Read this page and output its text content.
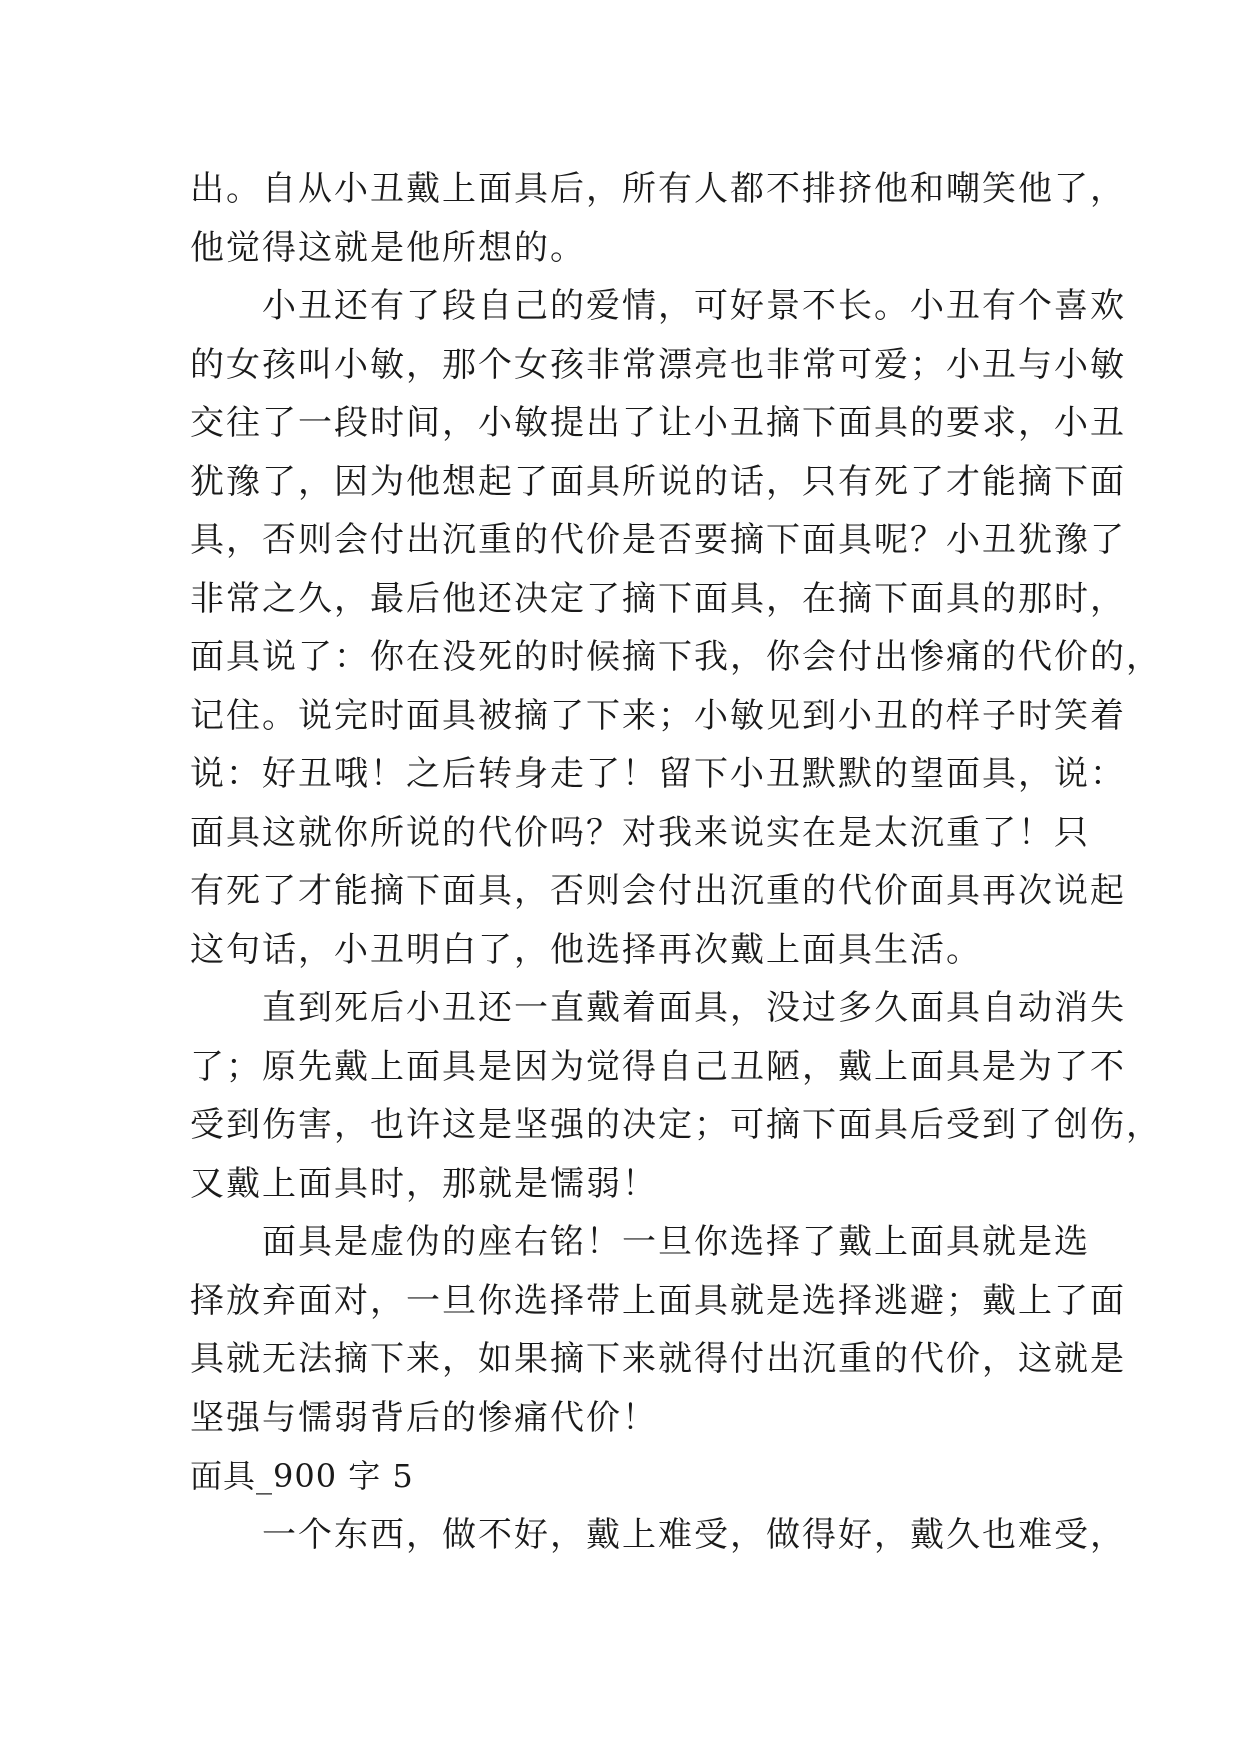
出。自从小丑戴上面具后，所有人都不排挤他和嘲笑他了，
他觉得这就是他所想的。
小丑还有了段自己的爱情，可好景不长。小丑有个喜欢
的女孩叫小敏，那个女孩非常漂亮也非常可爱；小丑与小敏
交往了一段时间，小敏提出了让小丑摘下面具的要求，小丑
犹豫了，因为他想起了面具所说的话，只有死了才能摘下面
具，否则会付出沉重的代价是否要摘下面具呢？小丑犹豫了
非常之久，最后他还决定了摘下面具，在摘下面具的那时，
面具说了：你在没死的时候摘下我，你会付出惨痛的代价的，
记住。说完时面具被摘了下来；小敏见到小丑的样子时笑着
说：好丑哦！之后转身走了！留下小丑默默的望面具，说：
面具这就你所说的代价吗？对我来说实在是太沉重了！只
有死了才能摘下面具，否则会付出沉重的代价面具再次说起
这句话，小丑明白了，他选择再次戴上面具生活。
直到死后小丑还一直戴着面具，没过多久面具自动消失
了；原先戴上面具是因为觉得自己丑陋，戴上面具是为了不
受到伤害，也许这是坚强的决定；可摘下面具后受到了创伤，
又戴上面具时，那就是懦弱！
面具是虚伪的座右铭！一旦你选择了戴上面具就是选
择放弃面对，一旦你选择带上面具就是选择逃避；戴上了面
具就无法摘下来，如果摘下来就得付出沉重的代价，这就是
坚强与懦弱背后的惨痛代价！
面具_900 字 5
一个东西，做不好，戴上难受，做得好，戴久也难受，
